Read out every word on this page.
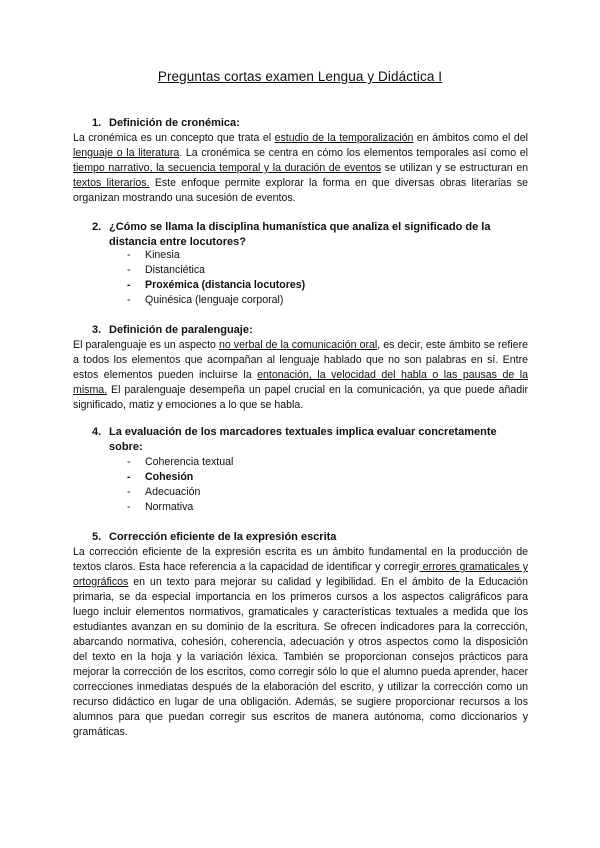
Preguntas cortas examen Lengua y Didáctica I
1. Definición de cronémica:

La cronémica es un concepto que trata el estudio de la temporalización en ámbitos como el del lenguaje o la literatura. La cronémica se centra en cómo los elementos temporales así como el tiempo narrativo, la secuencia temporal y la duración de eventos se utilizan y se estructuran en textos literarios. Este enfoque permite explorar la forma en que diversas obras literarias se organizan mostrando una sucesión de eventos.

2. ¿Cómo se llama la disciplina humanística que analiza el significado de la distancia entre locutores?
- Kinesia
- Distanciética
- Proxémica (distancia locutores)
- Quinésica (lenguaje corporal)
3. Definición de paralenguaje:

El paralenguaje es un aspecto no verbal de la comunicación oral, es decir, este ámbito se refiere a todos los elementos que acompañan al lenguaje hablado que no son palabras en sí. Entre estos elementos pueden incluirse la entonación, la velocidad del habla o las pausas de la misma. El paralenguaje desempeña un papel crucial en la comunicación, ya que puede añadir significado, matiz y emociones a lo que se habla.

4. La evaluación de los marcadores textuales implica evaluar concretamente sobre:
- Coherencia textual
- Cohesión
- Adecuación
- Normativa
5. Corrección eficiente de la expresión escrita

La corrección eficiente de la expresión escrita es un ámbito fundamental en la producción de textos claros. Esta hace referencia a la capacidad de identificar y corregir errores gramaticales y ortográficos en un texto para mejorar su calidad y legibilidad. En el ámbito de la Educación primaria, se da especial importancia en los primeros cursos a los aspectos caligráficos para luego incluir elementos normativos, gramaticales y características textuales a medida que los estudiantes avanzan en su dominio de la escritura. Se ofrecen indicadores para la corrección, abarcando normativa, cohesión, coherencia, adecuación y otros aspectos como la disposición del texto en la hoja y la variación léxica. También se proporcionan consejos prácticos para mejorar la corrección de los escritos, como corregir sólo lo que el alumno pueda aprender, hacer correcciones inmediatas después de la elaboración del escrito, y utilizar la corrección como un recurso didáctico en lugar de una obligación. Además, se sugiere proporcionar recursos a los alumnos para que puedan corregir sus escritos de manera autónoma, como diccionarios y gramáticas.
